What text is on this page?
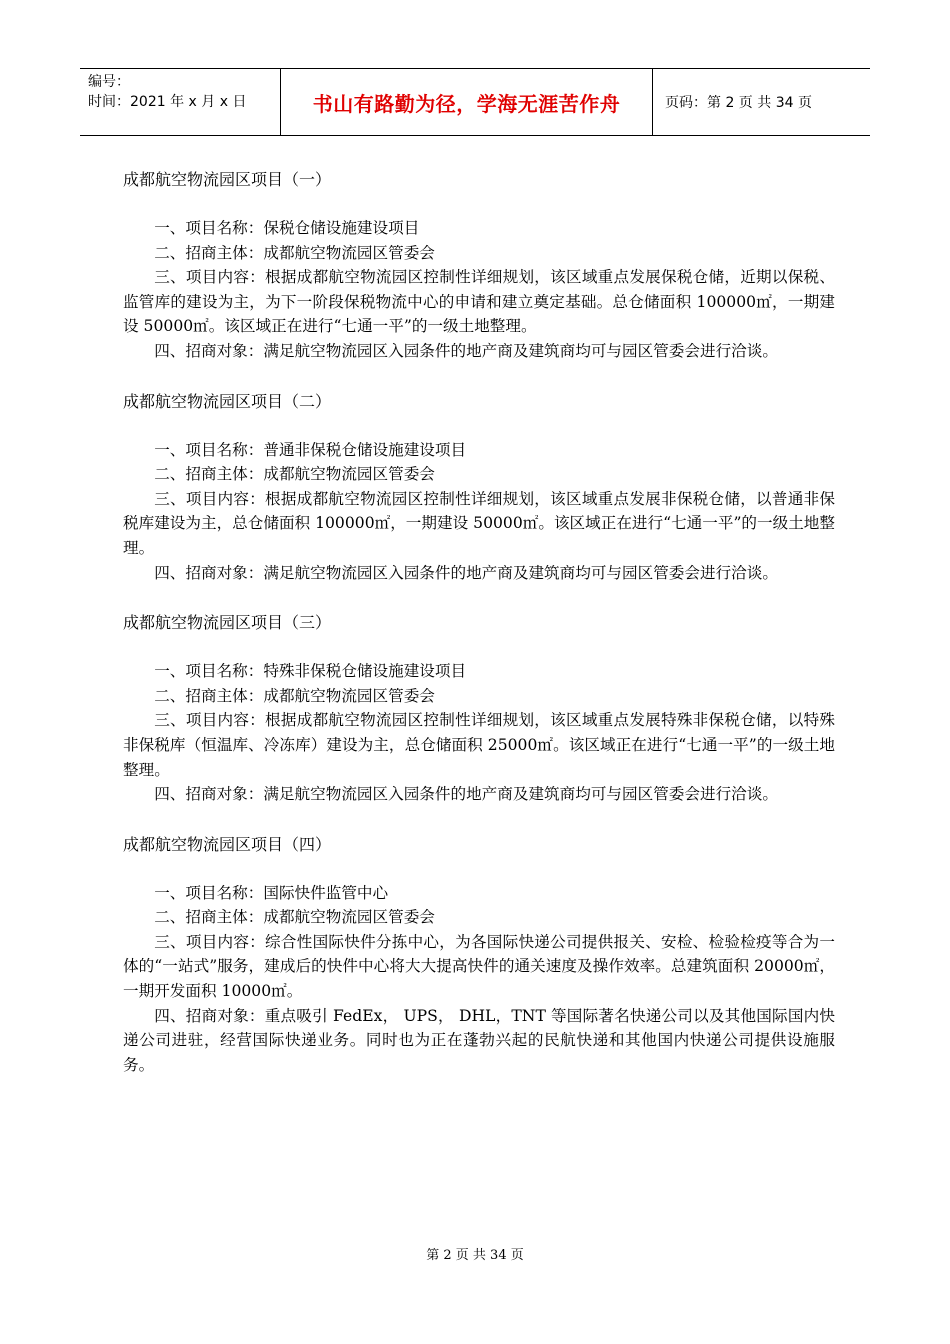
编号：
时间：2021 年 x 月 x 日	书山有路勤为径，学海无涯苦作舟	页码：第 2 页 共 34 页

成都航空物流园区项目（一）

一、项目名称：保税仓储设施建设项目

二、招商主体：成都航空物流园区管委会

三、项目内容：根据成都航空物流园区控制性详细规划，该区域重点发展保税仓储，近期以保税、监管库的建设为主，为下一阶段保税物流中心的申请和建立奠定基础。总仓储面积 100000㎡，一期建设 50000㎡。该区域正在进行“七通一平”的一级土地整理。

四、招商对象：满足航空物流园区入园条件的地产商及建筑商均可与园区管委会进行洽谈。

成都航空物流园区项目（二）

一、项目名称：普通非保税仓储设施建设项目

二、招商主体：成都航空物流园区管委会

三、项目内容：根据成都航空物流园区控制性详细规划，该区域重点发展非保税仓储，以普通非保税库建设为主，总仓储面积 100000㎡，一期建设 50000㎡。该区域正在进行“七通一平”的一级土地整理。

四、招商对象：满足航空物流园区入园条件的地产商及建筑商均可与园区管委会进行洽谈。

成都航空物流园区项目（三）

一、项目名称：特殊非保税仓储设施建设项目

二、招商主体：成都航空物流园区管委会

三、项目内容：根据成都航空物流园区控制性详细规划，该区域重点发展特殊非保税仓储，以特殊非保税库（恒温库、冷冻库）建设为主，总仓储面积 25000㎡。该区域正在进行“七通一平”的一级土地整理。

四、招商对象：满足航空物流园区入园条件的地产商及建筑商均可与园区管委会进行洽谈。

成都航空物流园区项目（四）

一、项目名称：国际快件监管中心

二、招商主体：成都航空物流园区管委会

三、项目内容：综合性国际快件分拣中心，为各国际快递公司提供报关、安检、检验检疫等合为一体的“一站式”服务，建成后的快件中心将大大提高快件的通关速度及操作效率。总建筑面积 20000㎡，一期开发面积 10000㎡。

四、招商对象：重点吸引 FedEx， UPS， DHL，TNT 等国际著名快递公司以及其他国际国内快递公司进驻，经营国际快递业务。同时也为正在蓬勃兴起的民航快递和其他国内快递公司提供设施服务。

第 2 页 共 34 页
